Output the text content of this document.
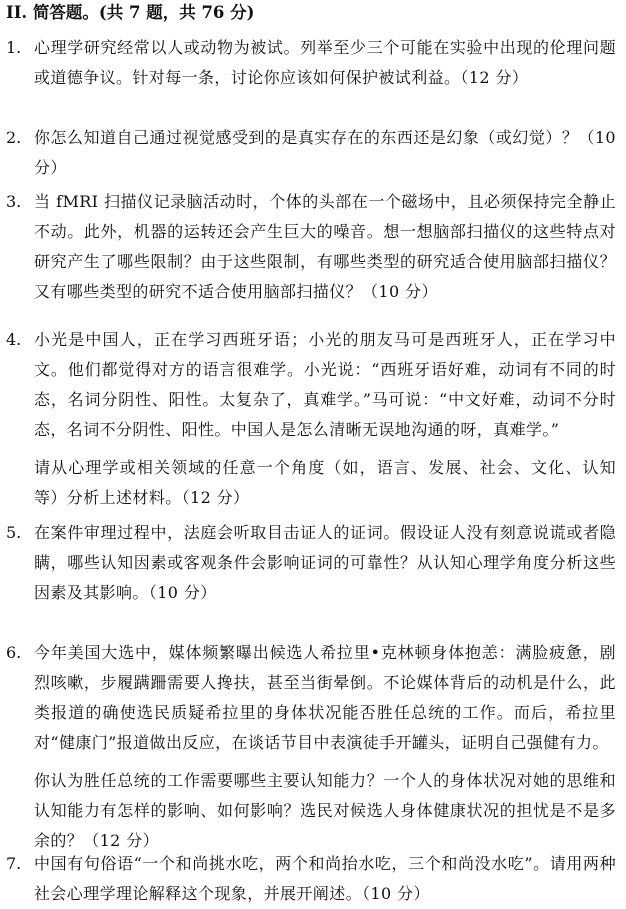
II. 简答题。(共 7 题，共 76 分)
1. 心理学研究经常以人或动物为被试。列举至少三个可能在实验中出现的伦理问题或道德争议。针对每一条，讨论你应该如何保护被试利益。（12 分）

2. 你怎么知道自己通过视觉感受到的是真实存在的东西还是幻象（或幻觉）？（10 分）

3. 当 fMRI 扫描仪记录脑活动时，个体的头部在一个磁场中，且必须保持完全静止不动。此外，机器的运转还会产生巨大的噪音。想一想脑部扫描仪的这些特点对研究产生了哪些限制？由于这些限制，有哪些类型的研究适合使用脑部扫描仪？又有哪些类型的研究不适合使用脑部扫描仪？（10 分）

4. 小光是中国人，正在学习西班牙语；小光的朋友马可是西班牙人，正在学习中文。他们都觉得对方的语言很难学。小光说：“西班牙语好难，动词有不同的时态，名词分阴性、阳性。太复杂了，真难学。”马可说：“中文好难，动词不分时态，名词不分阴性、阳性。中国人是怎么清晰无误地沟通的呀，真难学。”

请从心理学或相关领域的任意一个角度（如，语言、发展、社会、文化、认知等）分析上述材料。（12 分）

5. 在案件审理过程中，法庭会听取目击证人的证词。假设证人没有刻意说谎或者隐瞒，哪些认知因素或客观条件会影响证词的可靠性？从认知心理学角度分析这些因素及其影响。（10 分）

6. 今年美国大选中，媒体频繁曝出候选人希拉里•克林顿身体抱恙：满脸疲惫，剧烈咳嗽，步履蹒跚需要人搀扶，甚至当街晕倒。不论媒体背后的动机是什么，此类报道的确使选民质疑希拉里的身体状况能否胜任总统的工作。而后，希拉里对“健康门”报道做出反应，在谈话节目中表演徒手开罐头，证明自己强健有力。

你认为胜任总统的工作需要哪些主要认知能力？一个人的身体状况对她的思维和认知能力有怎样的影响、如何影响？选民对候选人身体健康状况的担忧是不是多余的？（12 分）

7. 中国有句俗语“一个和尚挑水吃，两个和尚抬水吃，三个和尚没水吃”。请用两种社会心理学理论解释这个现象，并展开阐述。（10 分）
